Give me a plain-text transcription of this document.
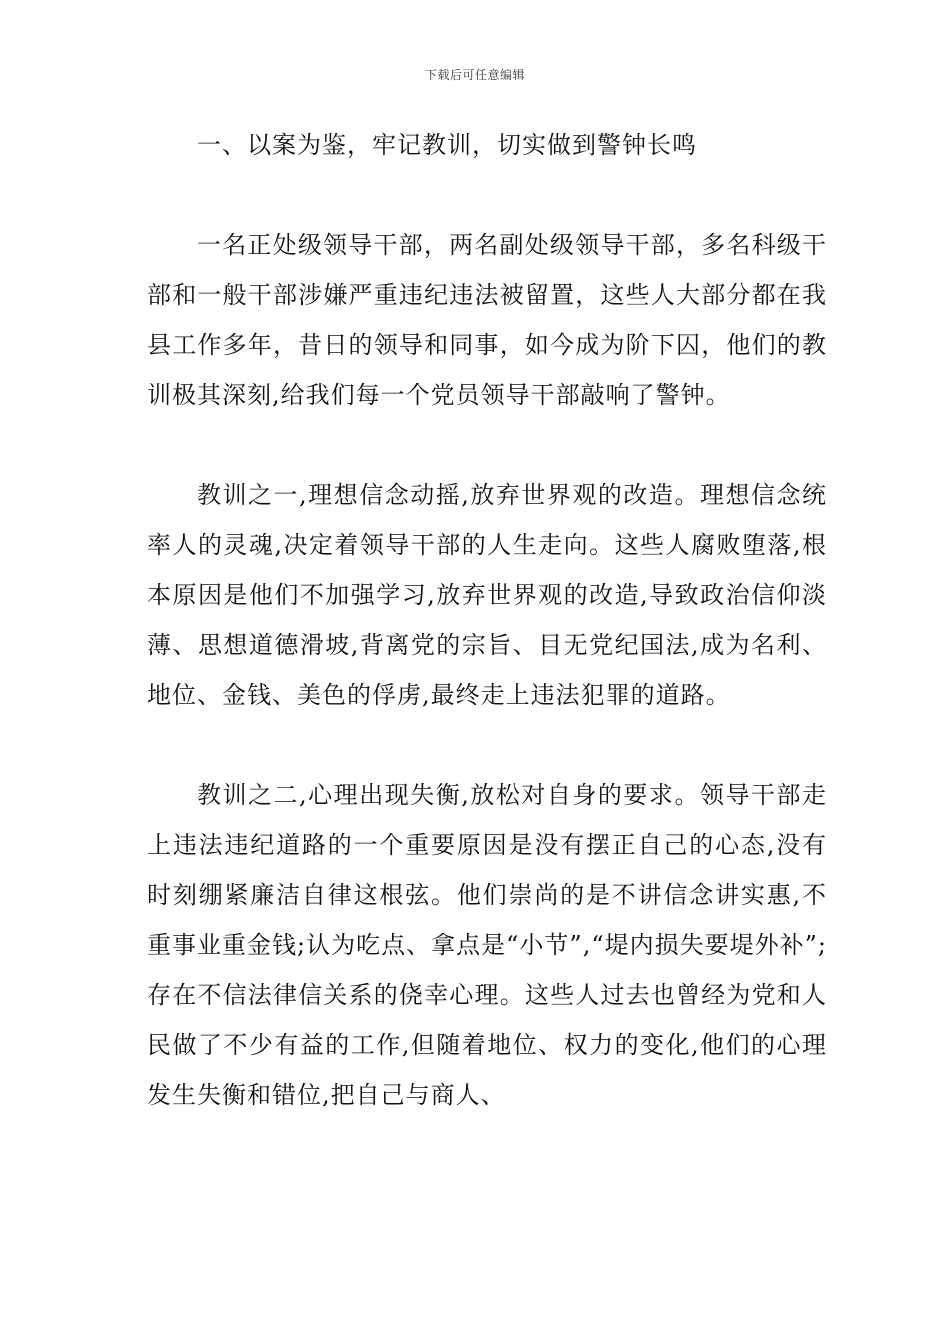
下载后可任意编辑
一、以案为鉴，牢记教训，切实做到警钟长鸣

一名正处级领导干部，两名副处级领导干部，多名科级干部和一般干部涉嫌严重违纪违法被留置，这些人大部分都在我县工作多年，昔日的领导和同事，如今成为阶下囚，他们的教训极其深刻,给我们每一个党员领导干部敲响了警钟。

教训之一,理想信念动摇,放弃世界观的改造。理想信念统率人的灵魂,决定着领导干部的人生走向。这些人腐败堕落,根本原因是他们不加强学习,放弃世界观的改造,导致政治信仰淡薄、思想道德滑坡,背离党的宗旨、目无党纪国法,成为名利、地位、金钱、美色的俘虏,最终走上违法犯罪的道路。

教训之二,心理出现失衡,放松对自身的要求。领导干部走上违法违纪道路的一个重要原因是没有摆正自己的心态,没有时刻绷紧廉洁自律这根弦。他们崇尚的是不讲信念讲实惠,不重事业重金钱;认为吃点、拿点是“小节”,“堤内损失要堤外补”;存在不信法律信关系的侥幸心理。这些人过去也曾经为党和人民做了不少有益的工作,但随着地位、权力的变化,他们的心理发生失衡和错位,把自己与商人、
